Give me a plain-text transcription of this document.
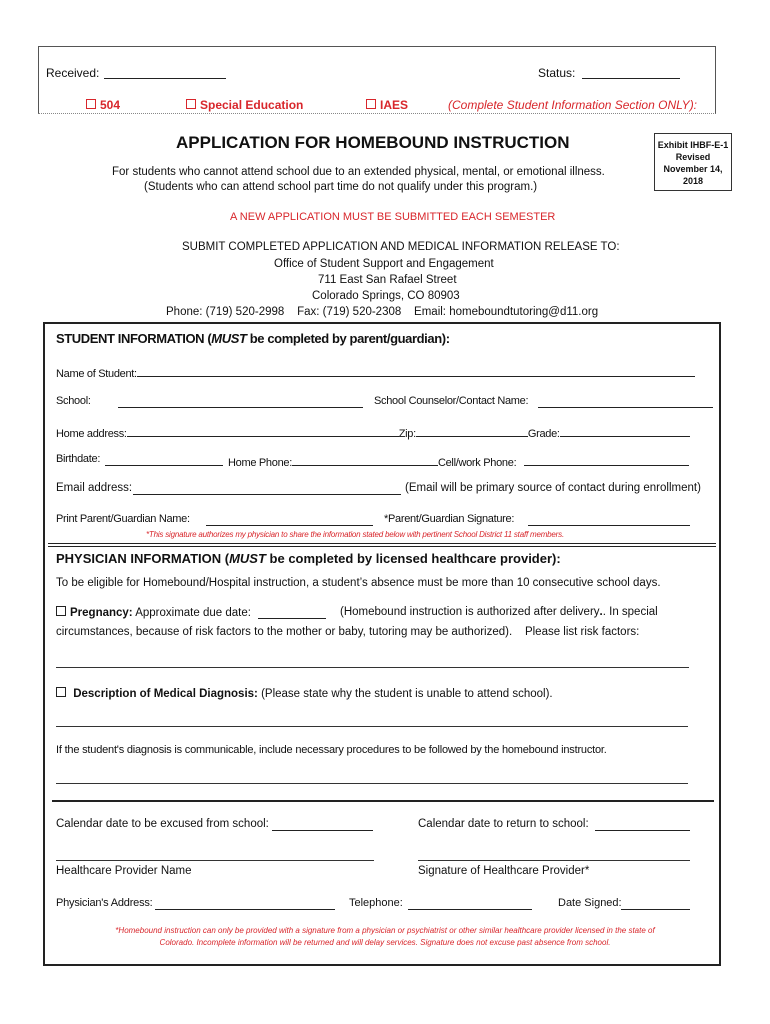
Received:	Status:
504	Special Education	IAES	(Complete Student Information Section ONLY):
APPLICATION FOR HOMEBOUND INSTRUCTION	Exhibit IHBF-E-1
Revised
November 14,
2018
For students who cannot attend school due to an extended physical, mental, or emotional illness.
(Students who can attend school part time do not qualify under this program.)
A NEW APPLICATION MUST BE SUBMITTED EACH SEMESTER
SUBMIT COMPLETED APPLICATION AND MEDICAL INFORMATION RELEASE TO:
Office of Student Support and Engagement
711 East San Rafael Street
Colorado Springs, CO 80903
Phone: (719) 520-2998    Fax: (719) 520-2308    Email: homeboundtutoring@d11.org
STUDENT INFORMATION (MUST be completed by parent/guardian):
Name of Student:
School:	School Counselor/Contact Name:
Home address:	Zip:	Grade:
Birthdate:	Home Phone:	Cell/work Phone:
Email address:	(Email will be primary source of contact during enrollment)
Print Parent/Guardian Name:	*Parent/Guardian Signature:
*This signature authorizes my physician to share the information stated below with pertinent School District 11 staff members.
PHYSICIAN INFORMATION (MUST be completed by licensed healthcare provider):
To be eligible for Homebound/Hospital instruction, a student’s absence must be more than 10 consecutive school days.
Pregnancy: Approximate due date:	(Homebound instruction is authorized after delivery.. In special
circumstances, because of risk factors to the mother or baby, tutoring may be authorized).    Please list risk factors:
Description of Medical Diagnosis: (Please state why the student is unable to attend school).
If the student's diagnosis is communicable, include necessary procedures to be followed by the homebound instructor.
Calendar date to be excused from school:	Calendar date to return to school:
Healthcare Provider Name	Signature of Healthcare Provider*
Physician's Address:	Telephone:	Date Signed:
*Homebound instruction can only be provided with a signature from a physician or psychiatrist or other similar healthcare provider licensed in the state of
Colorado. Incomplete information will be returned and will delay services. Signature does not excuse past absence from school.
